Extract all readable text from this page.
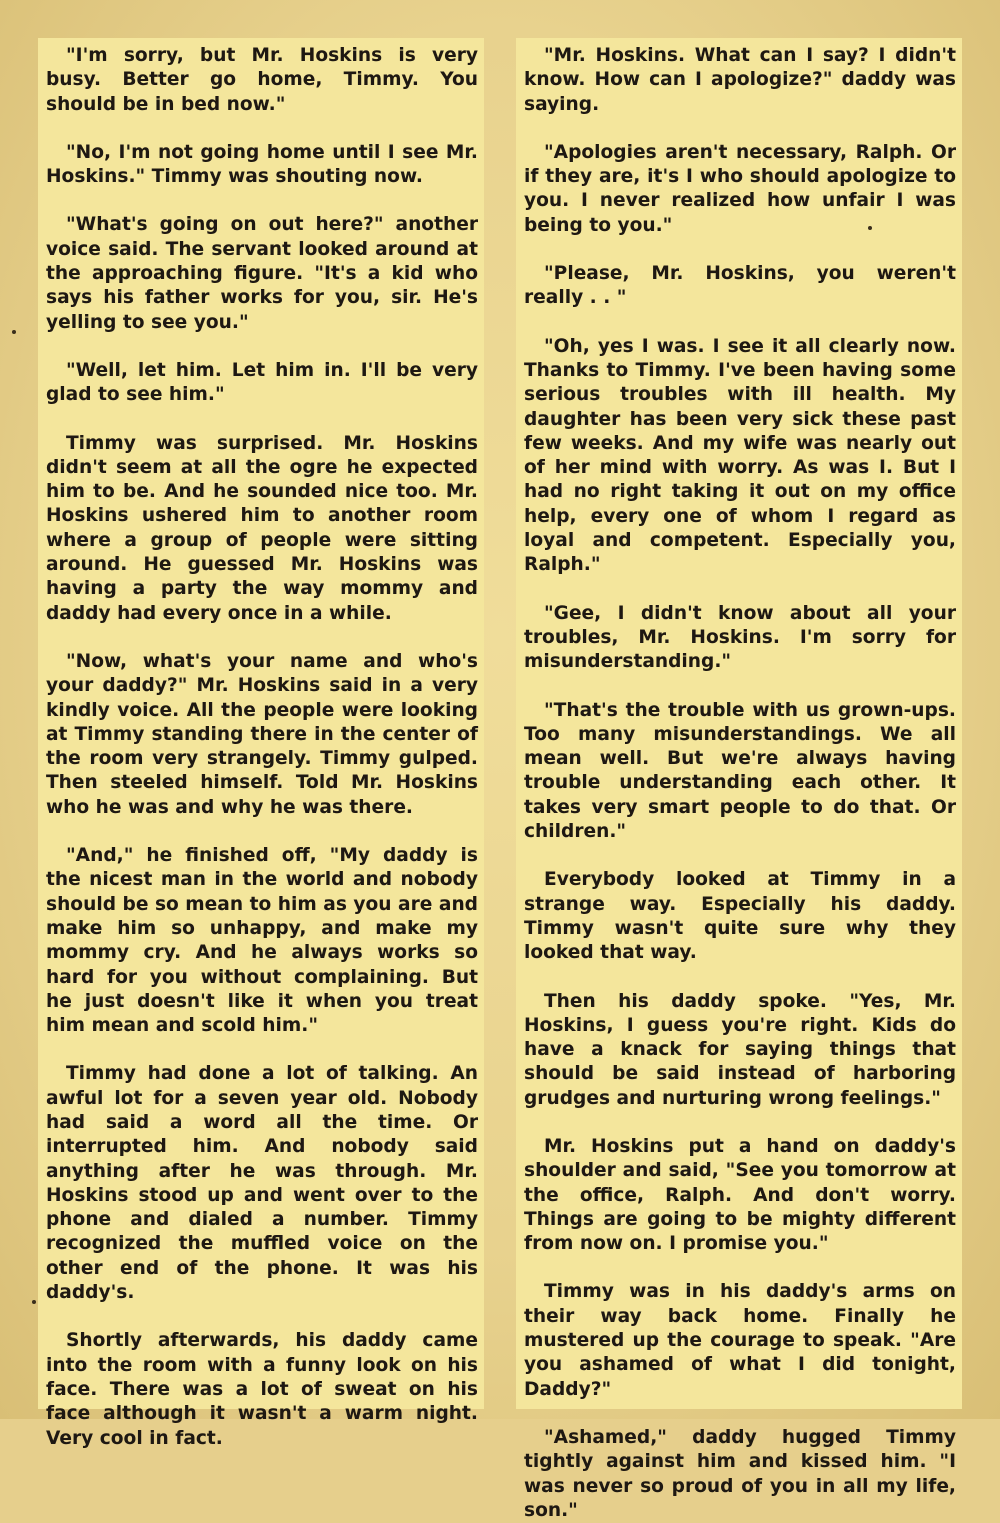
"I'm sorry, but Mr. Hoskins is very busy. Better go home, Timmy. You should be in bed now."

"No, I'm not going home until I see Mr. Hoskins." Timmy was shouting now.

"What's going on out here?" another voice said. The servant looked around at the approaching figure. "It's a kid who says his father works for you, sir. He's yelling to see you."

"Well, let him. Let him in. I'll be very glad to see him."

Timmy was surprised. Mr. Hoskins didn't seem at all the ogre he expected him to be. And he sounded nice too. Mr. Hoskins ushered him to another room where a group of people were sitting around. He guessed Mr. Hoskins was having a party the way mommy and daddy had every once in a while.

"Now, what's your name and who's your daddy?" Mr. Hoskins said in a very kindly voice. All the people were looking at Timmy standing there in the center of the room very strangely. Timmy gulped. Then steeled himself. Told Mr. Hoskins who he was and why he was there.

"And," he finished off, "My daddy is the nicest man in the world and nobody should be so mean to him as you are and make him so unhappy, and make my mommy cry. And he always works so hard for you without complaining. But he just doesn't like it when you treat him mean and scold him."

Timmy had done a lot of talking. An awful lot for a seven year old. Nobody had said a word all the time. Or interrupted him. And nobody said anything after he was through. Mr. Hoskins stood up and went over to the phone and dialed a number. Timmy recognized the muffled voice on the other end of the phone. It was his daddy's.

Shortly afterwards, his daddy came into the room with a funny look on his face. There was a lot of sweat on his face although it wasn't a warm night. Very cool in fact.

"Mr. Hoskins. What can I say? I didn't know. How can I apologize?" daddy was saying.

"Apologies aren't necessary, Ralph. Or if they are, it's I who should apologize to you. I never realized how unfair I was being to you."

"Please, Mr. Hoskins, you weren't really . . "

"Oh, yes I was. I see it all clearly now. Thanks to Timmy. I've been having some serious troubles with ill health. My daughter has been very sick these past few weeks. And my wife was nearly out of her mind with worry. As was I. But I had no right taking it out on my office help, every one of whom I regard as loyal and competent. Especially you, Ralph."

"Gee, I didn't know about all your troubles, Mr. Hoskins. I'm sorry for misunderstanding."

"That's the trouble with us grown-ups. Too many misunderstandings. We all mean well. But we're always having trouble understanding each other. It takes very smart people to do that. Or children."

Everybody looked at Timmy in a strange way. Especially his daddy. Timmy wasn't quite sure why they looked that way.

Then his daddy spoke. "Yes, Mr. Hoskins, I guess you're right. Kids do have a knack for saying things that should be said instead of harboring grudges and nurturing wrong feelings."

Mr. Hoskins put a hand on daddy's shoulder and said, "See you tomorrow at the office, Ralph. And don't worry. Things are going to be mighty different from now on. I promise you."

Timmy was in his daddy's arms on their way back home. Finally he mustered up the courage to speak. "Are you ashamed of what I did tonight, Daddy?"

"Ashamed," daddy hugged Timmy tightly against him and kissed him. "I was never so proud of you in all my life, son."
